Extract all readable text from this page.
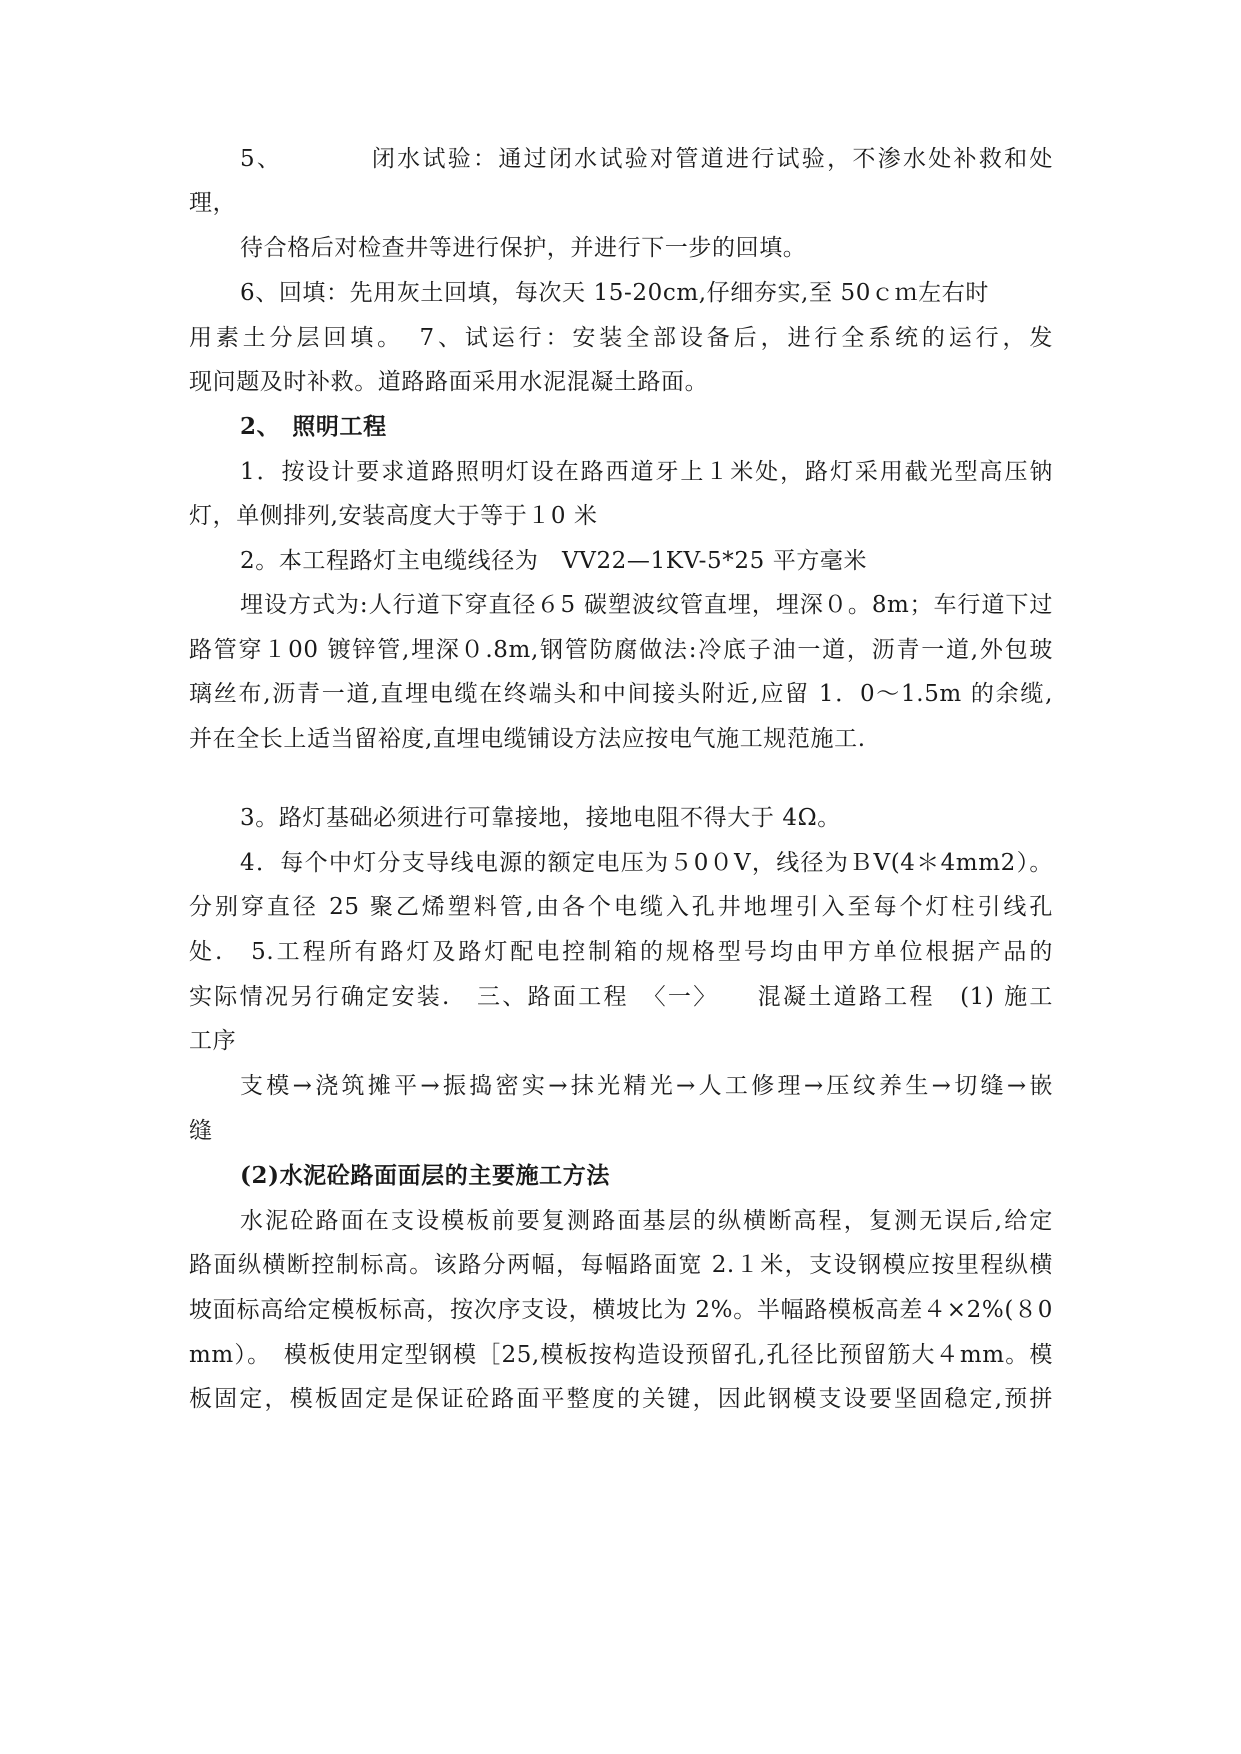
5、　　　　闭水试验：通过闭水试验对管道进行试验，不渗水处补救和处
理，
待合格后对检查井等进行保护，并进行下一步的回填。
6、回填：先用灰土回填，每次天 15-20cm,仔细夯实,至 50ｃｍ左右时
用素土分层回填。　7、试运行：安装全部设备后，进行全系统的运行，发
现问题及时补救。道路路面采用水泥混凝土路面。
2、　照明工程
1．按设计要求道路照明灯设在路西道牙上１米处，路灯采用截光型高压钠
灯，单侧排列,安装高度大于等于１0 米
2。本工程路灯主电缆线径为　VV22—1KV-5*25 平方毫米
埋设方式为:人行道下穿直径６5 碳塑波纹管直埋，埋深０。8m；车行道下过
路管穿１00 镀锌管,埋深０.8m,钢管防腐做法:冷底子油一道，沥青一道,外包玻
璃丝布,沥青一道,直埋电缆在终端头和中间接头附近,应留 1．0～1.5m 的余缆,
并在全长上适当留裕度,直埋电缆铺设方法应按电气施工规范施工.
3。路灯基础必须进行可靠接地，接地电阻不得大于 4Ω。
4．每个中灯分支导线电源的额定电压为５0０V，线径为ＢV(4＊4mm2）。
分别穿直径 25 聚乙烯塑料管,由各个电缆入孔井地埋引入至每个灯柱引线孔
处.　5.工程所有路灯及路灯配电控制箱的规格型号均由甲方单位根据产品的
实际情况另行确定安装.　三、路面工程　〈一〉　　混凝土道路工程　(1) 施工
工序
支模→浇筑摊平→振捣密实→抹光精光→人工修理→压纹养生→切缝→嵌
缝
(2)水泥砼路面面层的主要施工方法
水泥砼路面在支设模板前要复测路面基层的纵横断高程，复测无误后,给定
路面纵横断控制标高。该路分两幅，每幅路面宽 2.１米，支设钢模应按里程纵横
坡面标高给定模板标高，按次序支设，横坡比为 2%。半幅路模板高差４×2%(８0
mm）。　模板使用定型钢模［25,模板按构造设预留孔,孔径比预留筋大４mm。模
板固定，模板固定是保证砼路面平整度的关键，因此钢模支设要坚固稳定,预拼
